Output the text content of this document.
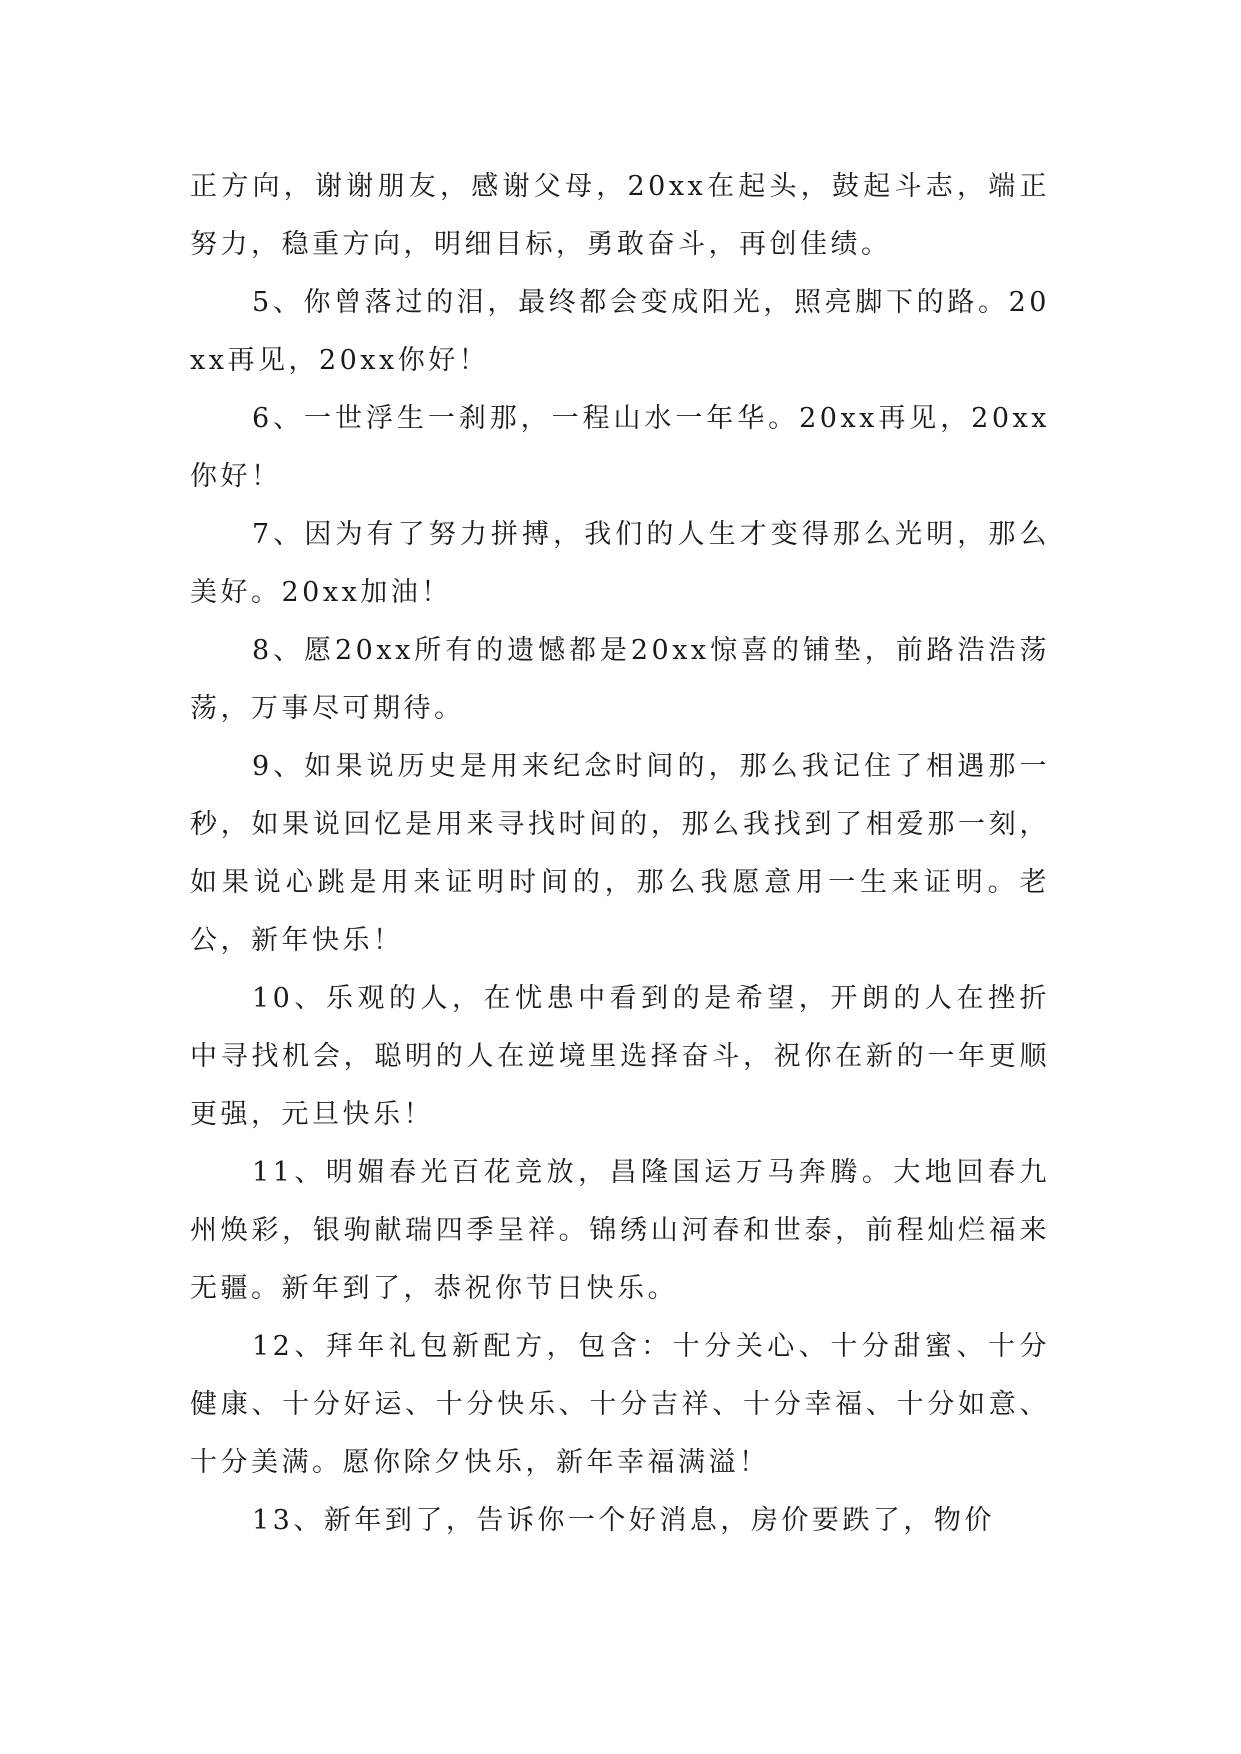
正方向，谢谢朋友，感谢父母，20xx在起头，鼓起斗志，端正努力，稳重方向，明细目标，勇敢奋斗，再创佳绩。

5、你曾落过的泪，最终都会变成阳光，照亮脚下的路。20xx再见，20xx你好！

6、一世浮生一刹那，一程山水一年华。20xx再见，20xx你好！

7、因为有了努力拼搏，我们的人生才变得那么光明，那么美好。20xx加油！

8、愿20xx所有的遗憾都是20xx惊喜的铺垫，前路浩浩荡荡，万事尽可期待。

9、如果说历史是用来纪念时间的，那么我记住了相遇那一秒，如果说回忆是用来寻找时间的，那么我找到了相爱那一刻，如果说心跳是用来证明时间的，那么我愿意用一生来证明。老公，新年快乐！

10、乐观的人，在忧患中看到的是希望，开朗的人在挫折中寻找机会，聪明的人在逆境里选择奋斗，祝你在新的一年更顺更强，元旦快乐！

11、明媚春光百花竞放，昌隆国运万马奔腾。大地回春九州焕彩，银驹献瑞四季呈祥。锦绣山河春和世泰，前程灿烂福来无疆。新年到了，恭祝你节日快乐。

12、拜年礼包新配方，包含：十分关心、十分甜蜜、十分健康、十分好运、十分快乐、十分吉祥、十分幸福、十分如意、十分美满。愿你除夕快乐，新年幸福满溢！

13、新年到了，告诉你一个好消息，房价要跌了，物价
